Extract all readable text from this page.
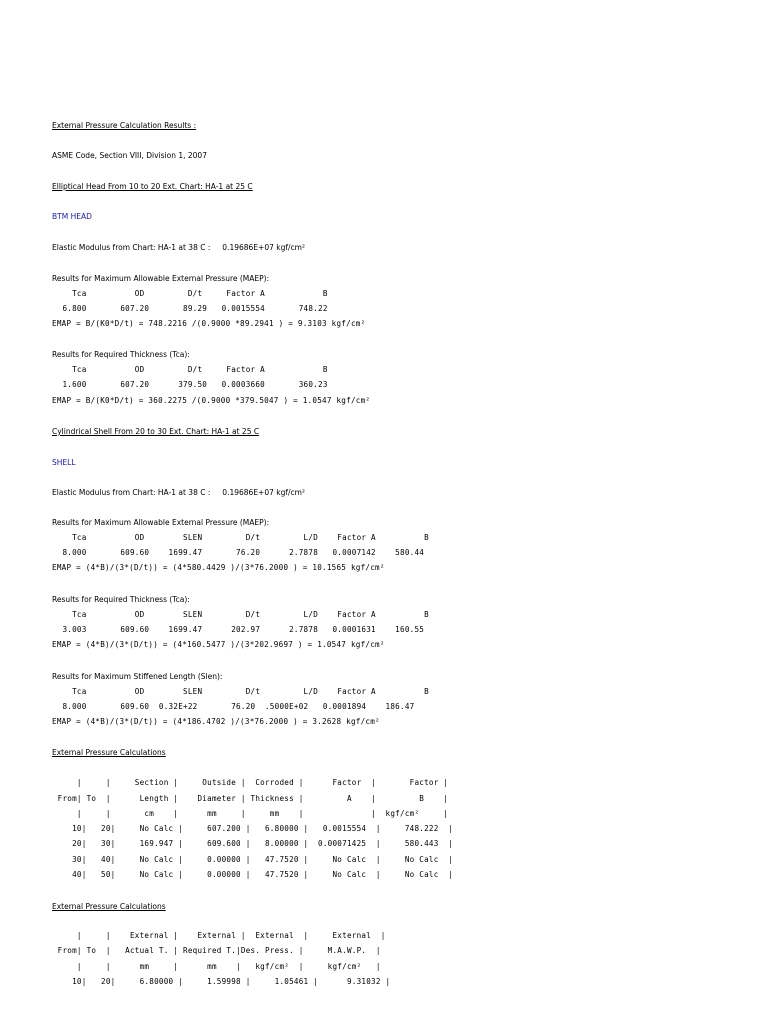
External Pressure Calculation Results :
ASME Code, Section VIII, Division 1, 2007
Elliptical Head From 10 to 20 Ext. Chart: HA-1 at 25 C
BTM HEAD
Elastic Modulus from Chart: HA-1 at 38 C :     0.19686E+07 kgf/cm²
Results for Maximum Allowable External Pressure (MAEP):
Tca          OD         D/t     Factor A            B
6.800       607.20       89.29   0.0015554       748.22
EMAP = B/(K0*D/t) = 748.2216 /(0.9000 *89.2941 ) = 9.3103 kgf/cm²
Results for Required Thickness (Tca):
Tca          OD         D/t     Factor A            B
1.600       607.20      379.50   0.0003660       360.23
EMAP = B/(K0*D/t) = 360.2275 /(0.9000 *379.5047 ) = 1.0547 kgf/cm²
Cylindrical Shell From 20 to 30 Ext. Chart: HA-1 at 25 C
SHELL
Elastic Modulus from Chart: HA-1 at 38 C :     0.19686E+07 kgf/cm²
Results for Maximum Allowable External Pressure (MAEP):
Tca          OD        SLEN         D/t         L/D    Factor A          B
8.000       609.60    1699.47       76.20      2.7878   0.0007142    580.44
EMAP = (4*B)/(3*(D/t)) = (4*580.4429 )/(3*76.2000 ) = 10.1565 kgf/cm²
Results for Required Thickness (Tca):
Tca          OD        SLEN         D/t         L/D    Factor A          B
3.003       609.60    1699.47      202.97      2.7878   0.0001631    160.55
EMAP = (4*B)/(3*(D/t)) = (4*160.5477 )/(3*202.9697 ) = 1.0547 kgf/cm²
Results for Maximum Stiffened Length (Slen):
Tca          OD        SLEN         D/t         L/D    Factor A          B
8.000       609.60  0.32E+22       76.20  .5000E+02   0.0001894    186.47
EMAP = (4*B)/(3*(D/t)) = (4*186.4702 )/(3*76.2000 ) = 3.2628 kgf/cm²
External Pressure Calculations
|     |     Section |     Outside |  Corroded |      Factor  |       Factor |
From| To  |      Length |    Diameter | Thickness |         A    |         B    |
|     |       cm    |      mm     |     mm    |              |  kgf/cm²     |
10|   20|     No Calc |     607.200 |   6.80000 |   0.0015554  |     748.222  |
20|   30|     169.947 |     609.600 |   8.00000 |  0.00071425  |     580.443  |
30|   40|     No Calc |     0.00000 |   47.7520 |     No Calc  |     No Calc  |
40|   50|     No Calc |     0.00000 |   47.7520 |     No Calc  |     No Calc  |
External Pressure Calculations
|     |    External |    External |  External  |     External  |
From| To  |   Actual T. | Required T.|Des. Press. |     M.A.W.P.  |
|     |      mm     |      mm    |   kgf/cm²  |     kgf/cm²   |
10|   20|     6.80000 |     1.59998 |     1.05461 |      9.31032 |
